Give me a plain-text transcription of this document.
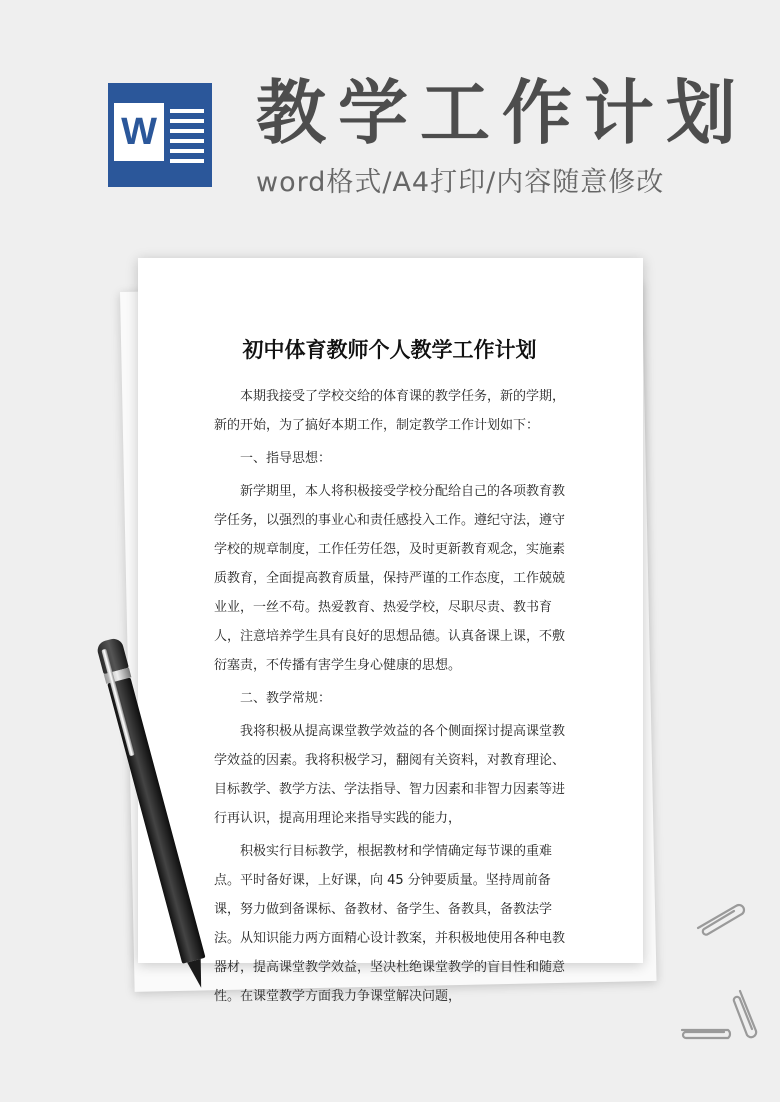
W 教学工作计划
word格式/A4打印/内容随意修改
初中体育教师个人教学工作计划

本期我接受了学校交给的体育课的教学任务，新的学期，新的开始，为了搞好本期工作，制定教学工作计划如下：

一、指导思想：

新学期里，本人将积极接受学校分配给自己的各项教育教学任务，以强烈的事业心和责任感投入工作。遵纪守法，遵守学校的规章制度，工作任劳任怨，及时更新教育观念，实施素质教育，全面提高教育质量，保持严谨的工作态度，工作兢兢业业，一丝不苟。热爱教育、热爱学校，尽职尽责、教书育人，注意培养学生具有良好的思想品德。认真备课上课，不敷衍塞责，不传播有害学生身心健康的思想。

二、教学常规：

我将积极从提高课堂教学效益的各个侧面探讨提高课堂教学效益的因素。我将积极学习，翻阅有关资料，对教育理论、目标教学、教学方法、学法指导、智力因素和非智力因素等进行再认识，提高用理论来指导实践的能力，

积极实行目标教学，根据教材和学情确定每节课的重难点。平时备好课，上好课，向 45 分钟要质量。坚持周前备课，努力做到备课标、备教材、备学生、备教具，备教法学法。从知识能力两方面精心设计教案，并积极地使用各种电教器材，提高课堂教学效益，坚决杜绝课堂教学的盲目性和随意性。在课堂教学方面我力争课堂解决问题，
